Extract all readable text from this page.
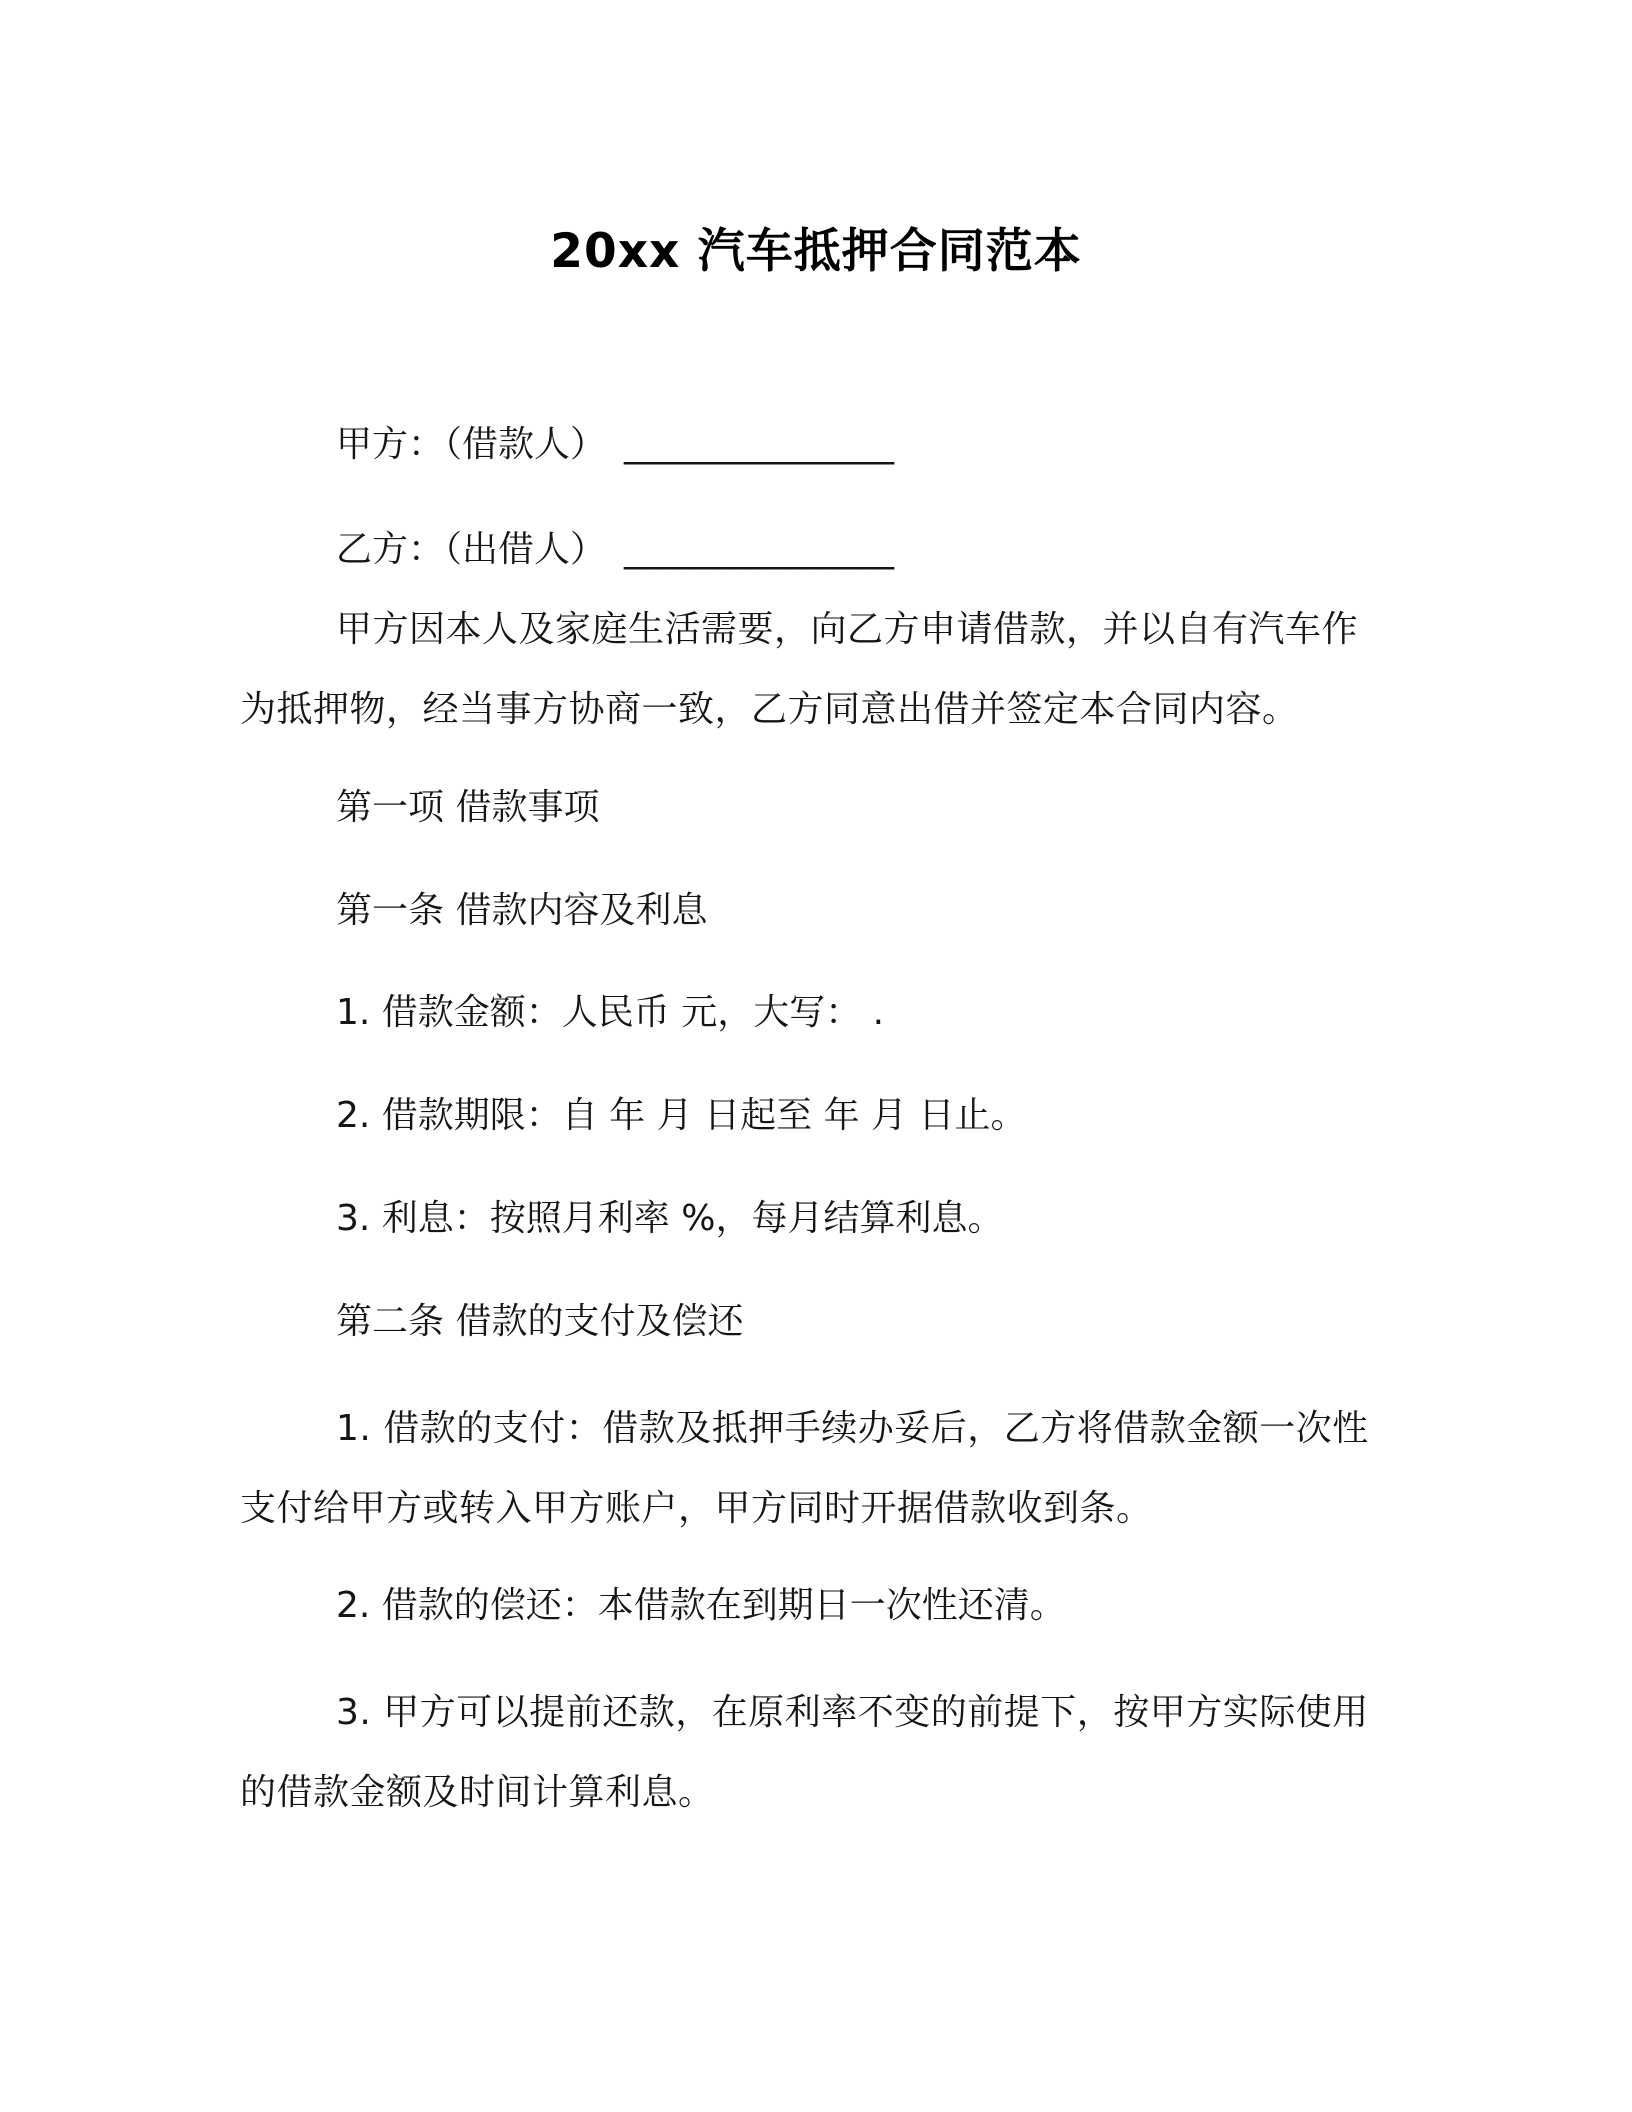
20xx 汽车抵押合同范本
甲方：（借款人） _______________
乙方：（出借人） _______________
甲方因本人及家庭生活需要，向乙方申请借款，并以自有汽车作为抵押物，经当事方协商一致，乙方同意出借并签定本合同内容。
第一项 借款事项
第一条 借款内容及利息
1. 借款金额：人民币 元，大写： .
2. 借款期限：自 年 月 日起至 年 月 日止。
3. 利息：按照月利率 %，每月结算利息。
第二条 借款的支付及偿还
1. 借款的支付：借款及抵押手续办妥后，乙方将借款金额一次性支付给甲方或转入甲方账户，甲方同时开据借款收到条。
2. 借款的偿还：本借款在到期日一次性还清。
3. 甲方可以提前还款，在原利率不变的前提下，按甲方实际使用的借款金额及时间计算利息。
